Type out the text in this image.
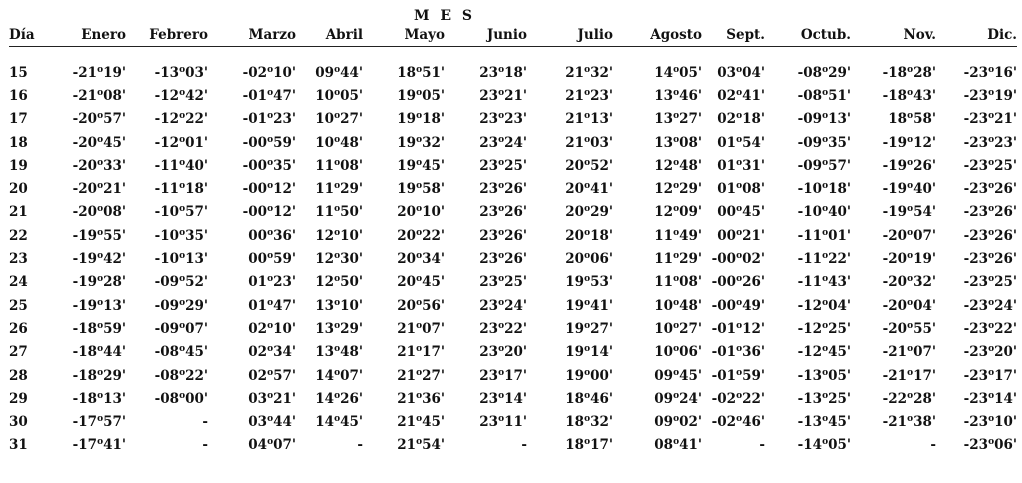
M E S
Día	Enero	Febrero	Marzo	Abril	Mayo	Junio	Julio	Agosto	Sept.	Octub.	Nov.	Dic.

15	-21$^o$19'	-13$^o$03'	-02$^o$10'	09$^o$44'	18$^o$51'	23$^o$18'	21$^o$32'	14$^o$05'	03$^o$04'	-08$^o$29'	-18$^o$28'	-23$^o$16'
16	-21$^o$08'	-12$^o$42'	-01$^o$47'	10$^o$05'	19$^o$05'	23$^o$21'	21$^o$23'	13$^o$46'	02$^o$41'	-08$^o$51'	-18$^o$43'	-23$^o$19'
17	-20$^o$57'	-12$^o$22'	-01$^o$23'	10$^o$27'	19$^o$18'	23$^o$23'	21$^o$13'	13$^o$27'	02$^o$18'	-09$^o$13'	18$^o$58'	-23$^o$21'
18	-20$^o$45'	-12$^o$01'	-00$^o$59'	10$^o$48'	19$^o$32'	23$^o$24'	21$^o$03'	13$^o$08'	01$^o$54'	-09$^o$35'	-19$^o$12'	-23$^o$23'
19	-20$^o$33'	-11$^o$40'	-00$^o$35'	11$^o$08'	19$^o$45'	23$^o$25'	20$^o$52'	12$^o$48'	01$^o$31'	-09$^o$57'	-19$^o$26'	-23$^o$25'
20	-20$^o$21'	-11$^o$18'	-00$^o$12'	11$^o$29'	19$^o$58'	23$^o$26'	20$^o$41'	12$^o$29'	01$^o$08'	-10$^o$18'	-19$^o$40'	-23$^o$26'
21	-20$^o$08'	-10$^o$57'	-00$^o$12'	11$^o$50'	20$^o$10'	23$^o$26'	20$^o$29'	12$^o$09'	00$^o$45'	-10$^o$40'	-19$^o$54'	-23$^o$26'
22	-19$^o$55'	-10$^o$35'	00$^o$36'	12$^o$10'	20$^o$22'	23$^o$26'	20$^o$18'	11$^o$49'	00$^o$21'	-11$^o$01'	-20$^o$07'	-23$^o$26'
23	-19$^o$42'	-10$^o$13'	00$^o$59'	12$^o$30'	20$^o$34'	23$^o$26'	20$^o$06'	11$^o$29'	-00$^o$02'	-11$^o$22'	-20$^o$19'	-23$^o$26'
24	-19$^o$28'	-09$^o$52'	01$^o$23'	12$^o$50'	20$^o$45'	23$^o$25'	19$^o$53'	11$^o$08'	-00$^o$26'	-11$^o$43'	-20$^o$32'	-23$^o$25'
25	-19$^o$13'	-09$^o$29'	01$^o$47'	13$^o$10'	20$^o$56'	23$^o$24'	19$^o$41'	10$^o$48'	-00$^o$49'	-12$^o$04'	-20$^o$04'	-23$^o$24'
26	-18$^o$59'	-09$^o$07'	02$^o$10'	13$^o$29'	21$^o$07'	23$^o$22'	19$^o$27'	10$^o$27'	-01$^o$12'	-12$^o$25'	-20$^o$55'	-23$^o$22'
27	-18$^o$44'	-08$^o$45'	02$^o$34'	13$^o$48'	21$^o$17'	23$^o$20'	19$^o$14'	10$^o$06'	-01$^o$36'	-12$^o$45'	-21$^o$07'	-23$^o$20'
28	-18$^o$29'	-08$^o$22'	02$^o$57'	14$^o$07'	21$^o$27'	23$^o$17'	19$^o$00'	09$^o$45'	-01$^o$59'	-13$^o$05'	-21$^o$17'	-23$^o$17'
29	-18$^o$13'	-08$^o$00'	03$^o$21'	14$^o$26'	21$^o$36'	23$^o$14'	18$^o$46'	09$^o$24'	-02$^o$22'	-13$^o$25'	-22$^o$28'	-23$^o$14'
30	-17$^o$57'	-	03$^o$44'	14$^o$45'	21$^o$45'	23$^o$11'	18$^o$32'	09$^o$02'	-02$^o$46'	-13$^o$45'	-21$^o$38'	-23$^o$10'
31	-17$^o$41'	-	04$^o$07'	-	21$^o$54'	-	18$^o$17'	08$^o$41'	-	-14$^o$05'	-	-23$^o$06'
